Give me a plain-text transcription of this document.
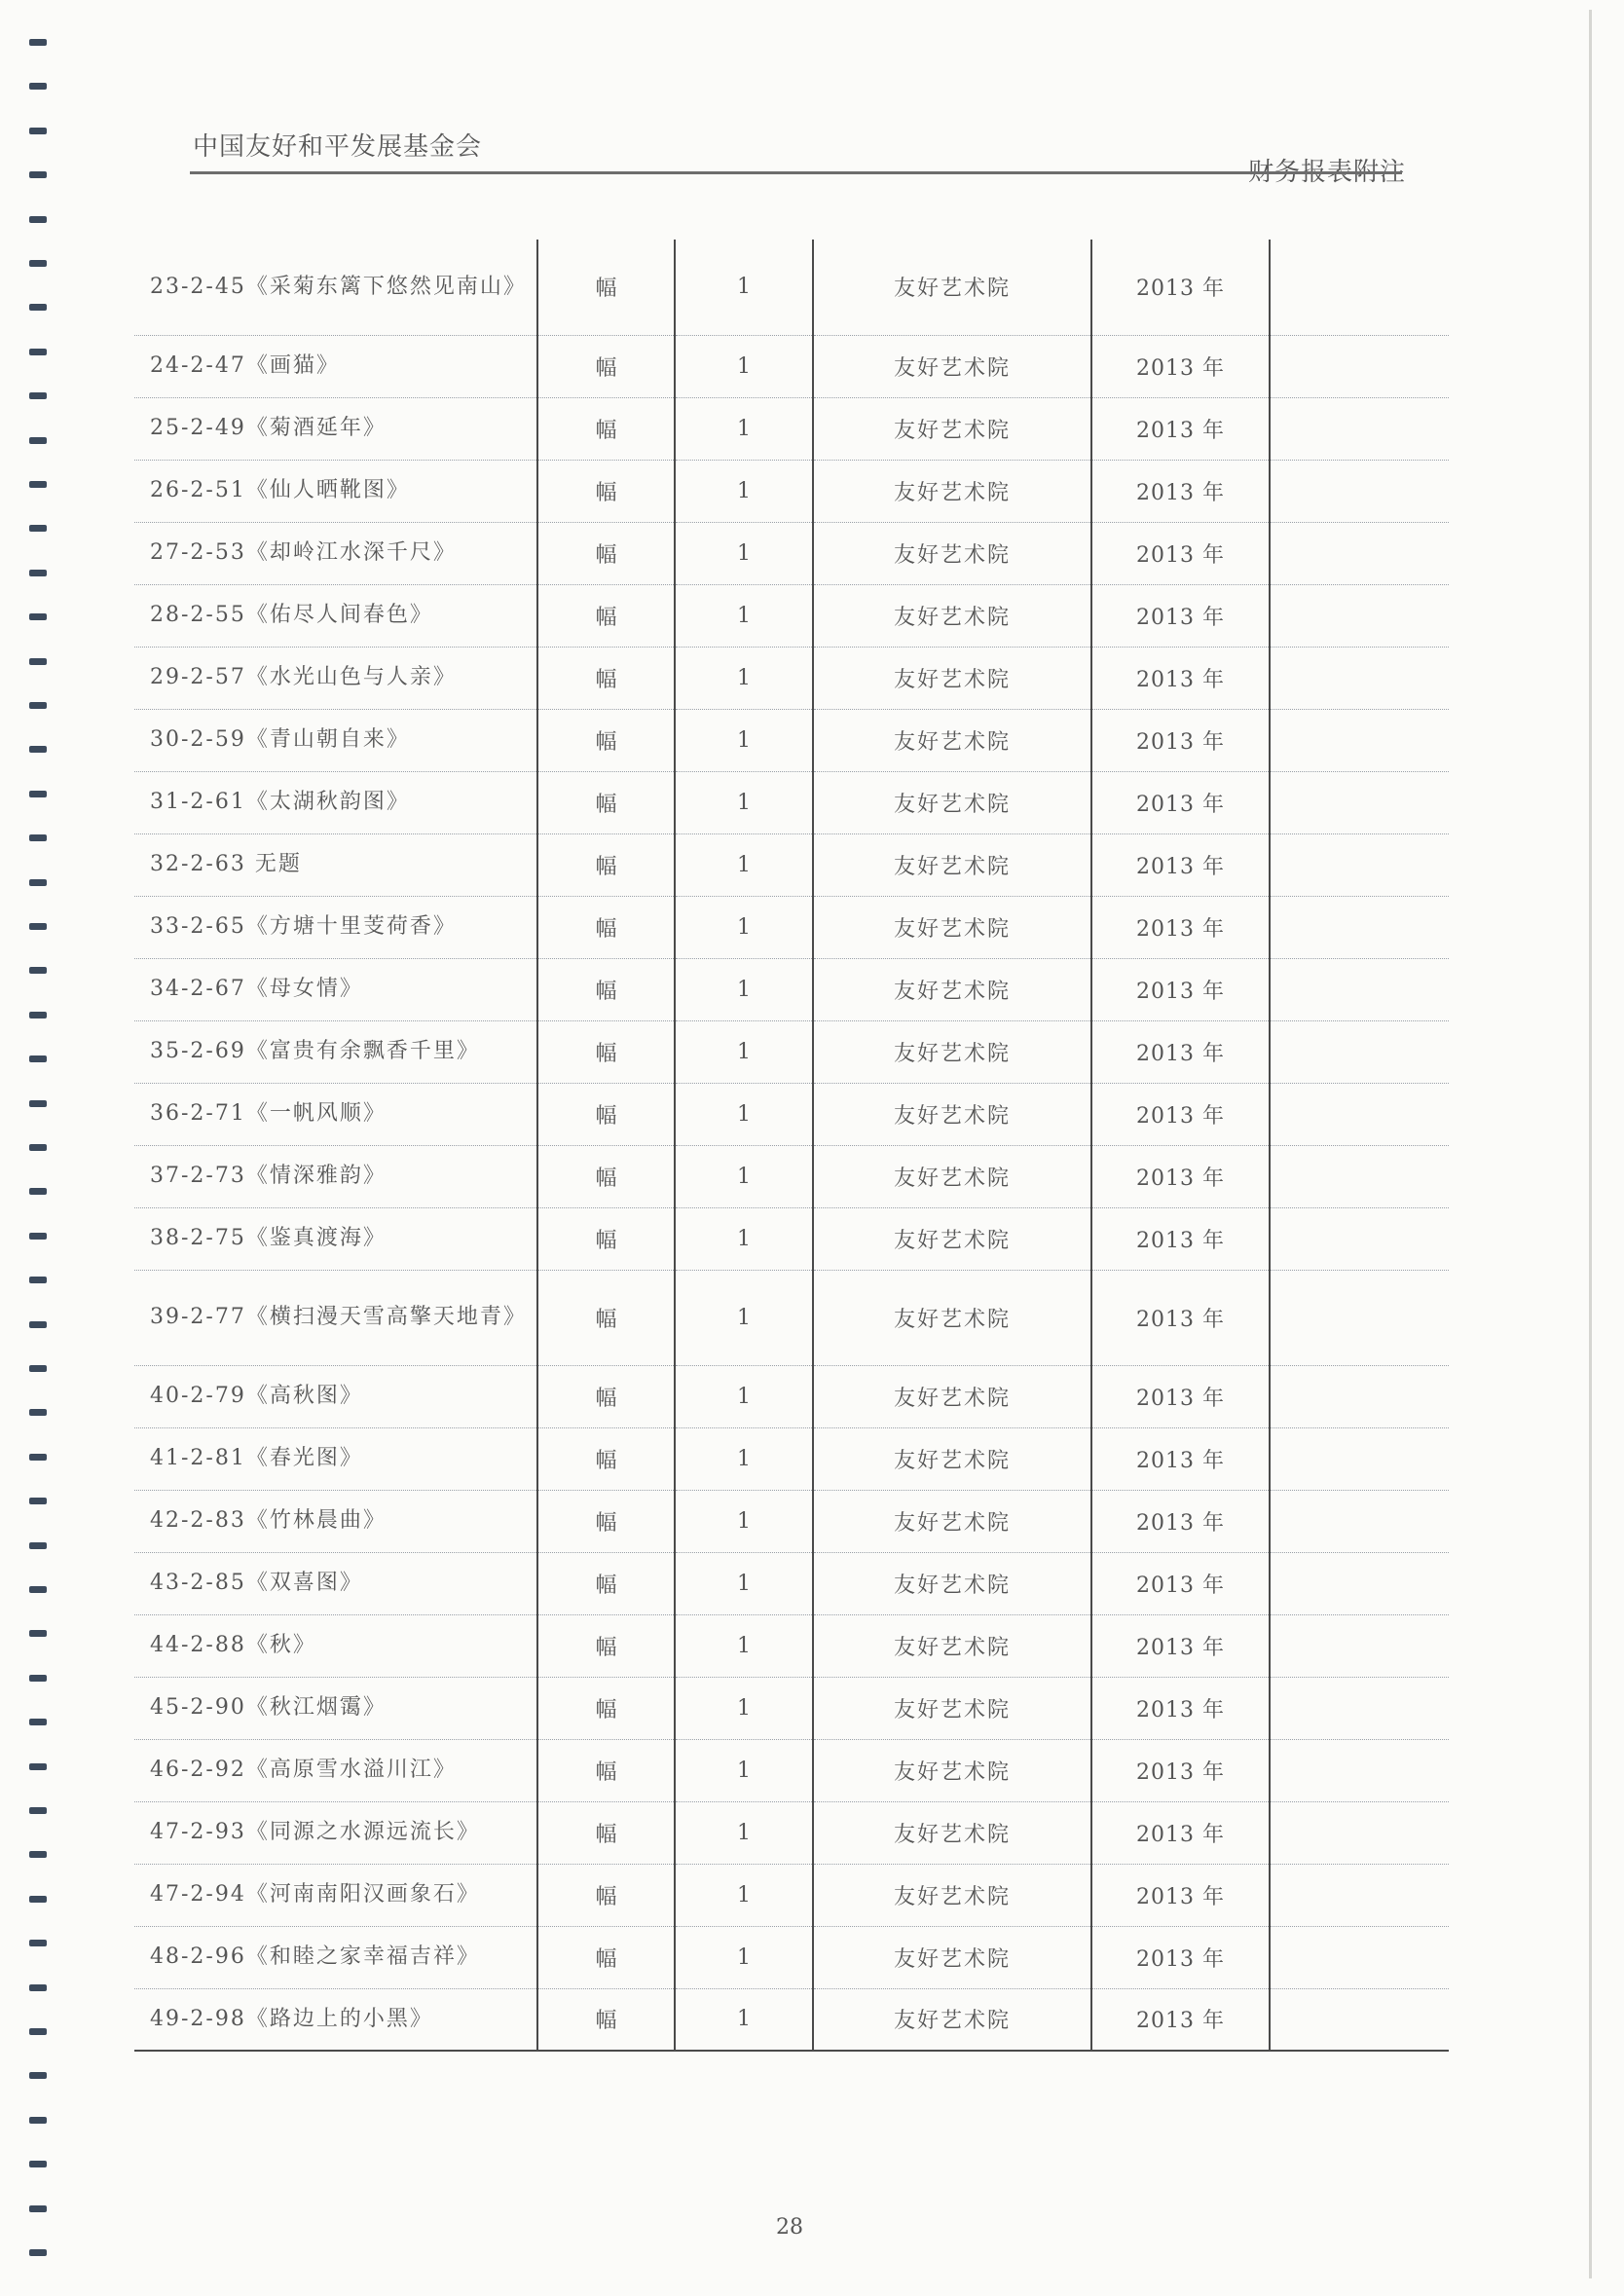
中国友好和平发展基金会
财务报表附注
23-2-45《采菊东篱下悠然见南山》	幅	1	友好艺术院	2013 年	
24-2-47《画猫》	幅	1	友好艺术院	2013 年	
25-2-49《菊酒延年》	幅	1	友好艺术院	2013 年	
26-2-51《仙人晒靴图》	幅	1	友好艺术院	2013 年	
27-2-53《却岭江水深千尺》	幅	1	友好艺术院	2013 年	
28-2-55《佑尽人间春色》	幅	1	友好艺术院	2013 年	
29-2-57《水光山色与人亲》	幅	1	友好艺术院	2013 年	
30-2-59《青山朝自来》	幅	1	友好艺术院	2013 年	
31-2-61《太湖秋韵图》	幅	1	友好艺术院	2013 年	
32-2-63 无题	幅	1	友好艺术院	2013 年	
33-2-65《方塘十里芰荷香》	幅	1	友好艺术院	2013 年	
34-2-67《母女情》	幅	1	友好艺术院	2013 年	
35-2-69《富贵有余飘香千里》	幅	1	友好艺术院	2013 年	
36-2-71《一帆风顺》	幅	1	友好艺术院	2013 年	
37-2-73《情深雅韵》	幅	1	友好艺术院	2013 年	
38-2-75《鉴真渡海》	幅	1	友好艺术院	2013 年	
39-2-77《横扫漫天雪高擎天地青》	幅	1	友好艺术院	2013 年	
40-2-79《高秋图》	幅	1	友好艺术院	2013 年	
41-2-81《春光图》	幅	1	友好艺术院	2013 年	
42-2-83《竹林晨曲》	幅	1	友好艺术院	2013 年	
43-2-85《双喜图》	幅	1	友好艺术院	2013 年	
44-2-88《秋》	幅	1	友好艺术院	2013 年	
45-2-90《秋江烟霭》	幅	1	友好艺术院	2013 年	
46-2-92《高原雪水溢川江》	幅	1	友好艺术院	2013 年	
47-2-93《同源之水源远流长》	幅	1	友好艺术院	2013 年	
47-2-94《河南南阳汉画象石》	幅	1	友好艺术院	2013 年	
48-2-96《和睦之家幸福吉祥》	幅	1	友好艺术院	2013 年	
49-2-98《路边上的小黑》	幅	1	友好艺术院	2013 年	
28
